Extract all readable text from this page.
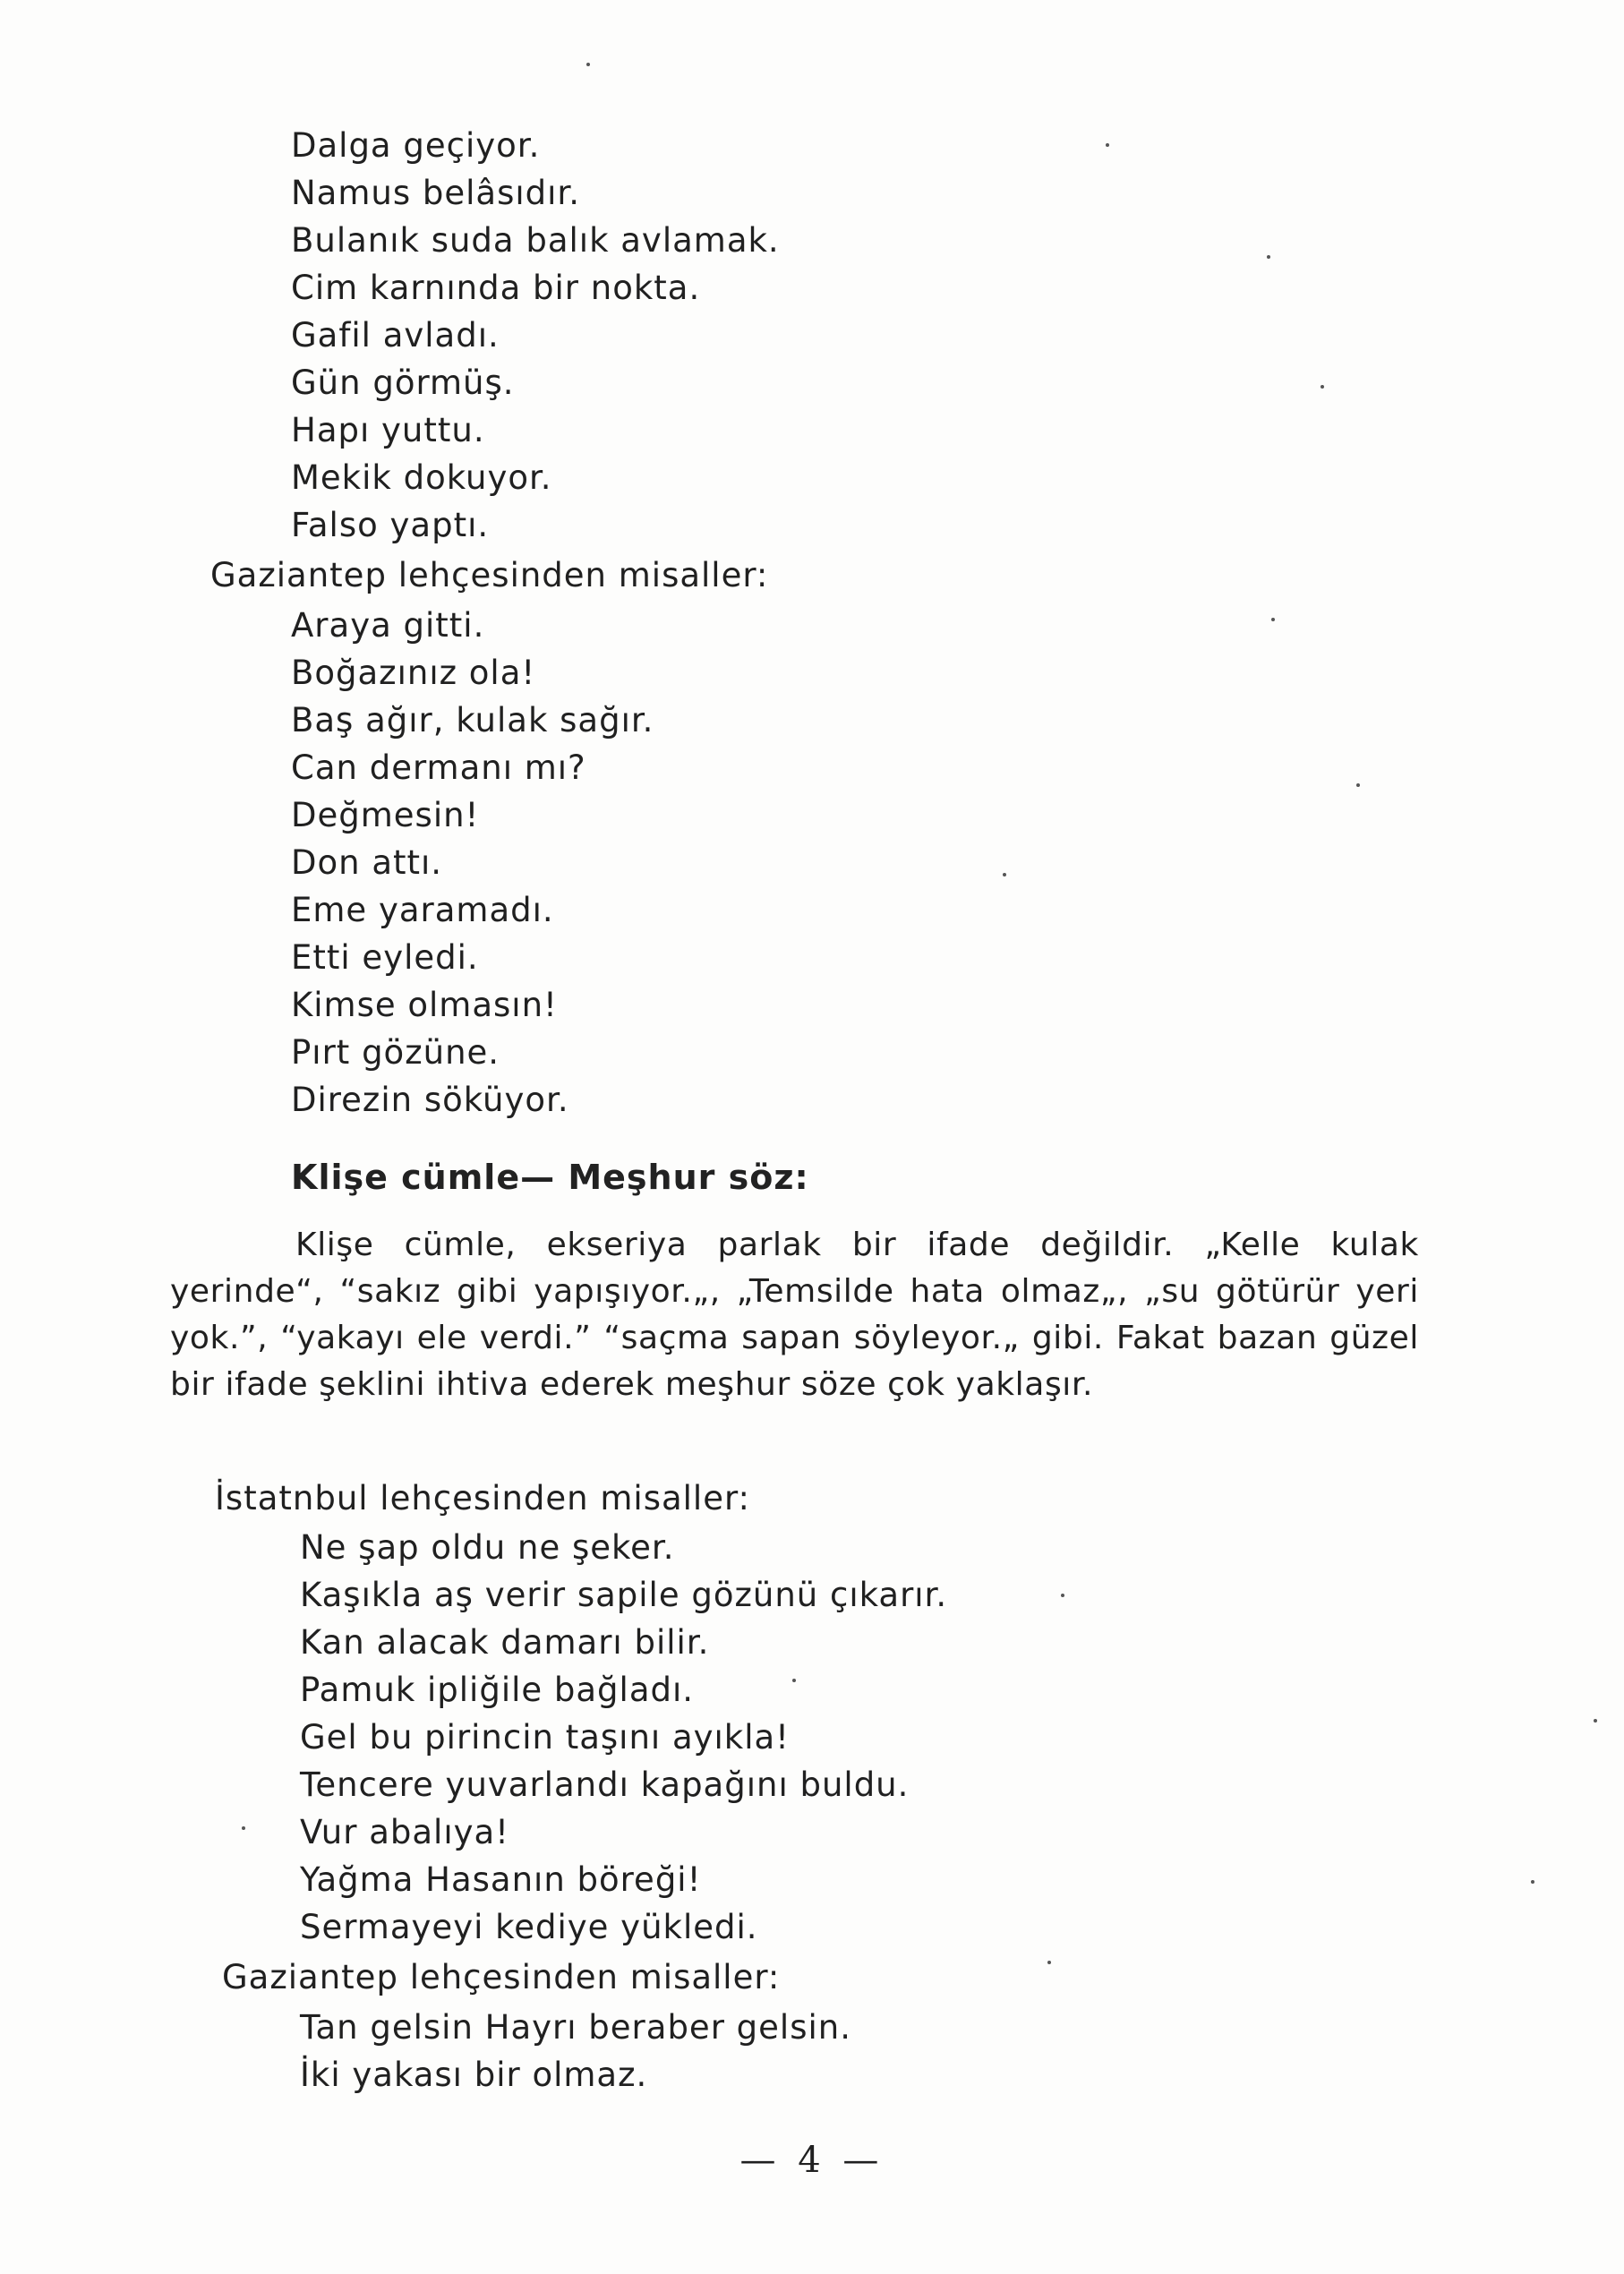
Dalga geçiyor.
Namus belâsıdır.
Bulanık suda balık avlamak.
Cim karnında bir nokta.
Gafil avladı.
Gün görmüş.
Hapı yuttu.
Mekik dokuyor.
Falso yaptı.
Gaziantep lehçesinden misaller:
Araya gitti.
Boğazınız ola!
Baş ağır, kulak sağır.
Can dermanı mı?
Değmesin!
Don attı.
Eme yaramadı.
Etti eyledi.
Kimse olmasın!
Pırt gözüne.
Direzin söküyor.
Klişe cümle— Meşhur söz:
Klişe cümle, ekseriya parlak bir ifade değildir. „Kelle kulak yerinde“, “sakız gibi yapışıyor.„, „Temsilde hata olmaz„, „su götürür yeri yok.”, “yakayı ele verdi.” “saçma sapan söyleyor.„ gibi. Fakat bazan güzel bir ifade şeklini ihtiva ederek meşhur söze çok yaklaşır.
İstatnbul lehçesinden misaller:
Ne şap oldu ne şeker.
Kaşıkla aş verir sapile gözünü çıkarır.
Kan alacak damarı bilir.
Pamuk ipliğile bağladı.
Gel bu pirincin taşını ayıkla!
Tencere yuvarlandı kapağını buldu.
Vur abalıya!
Yağma Hasanın böreği!
Sermayeyi kediye yükledi.
Gaziantep lehçesinden misaller:
Tan gelsin Hayrı beraber gelsin.
İki yakası bir olmaz.
— 4 —
